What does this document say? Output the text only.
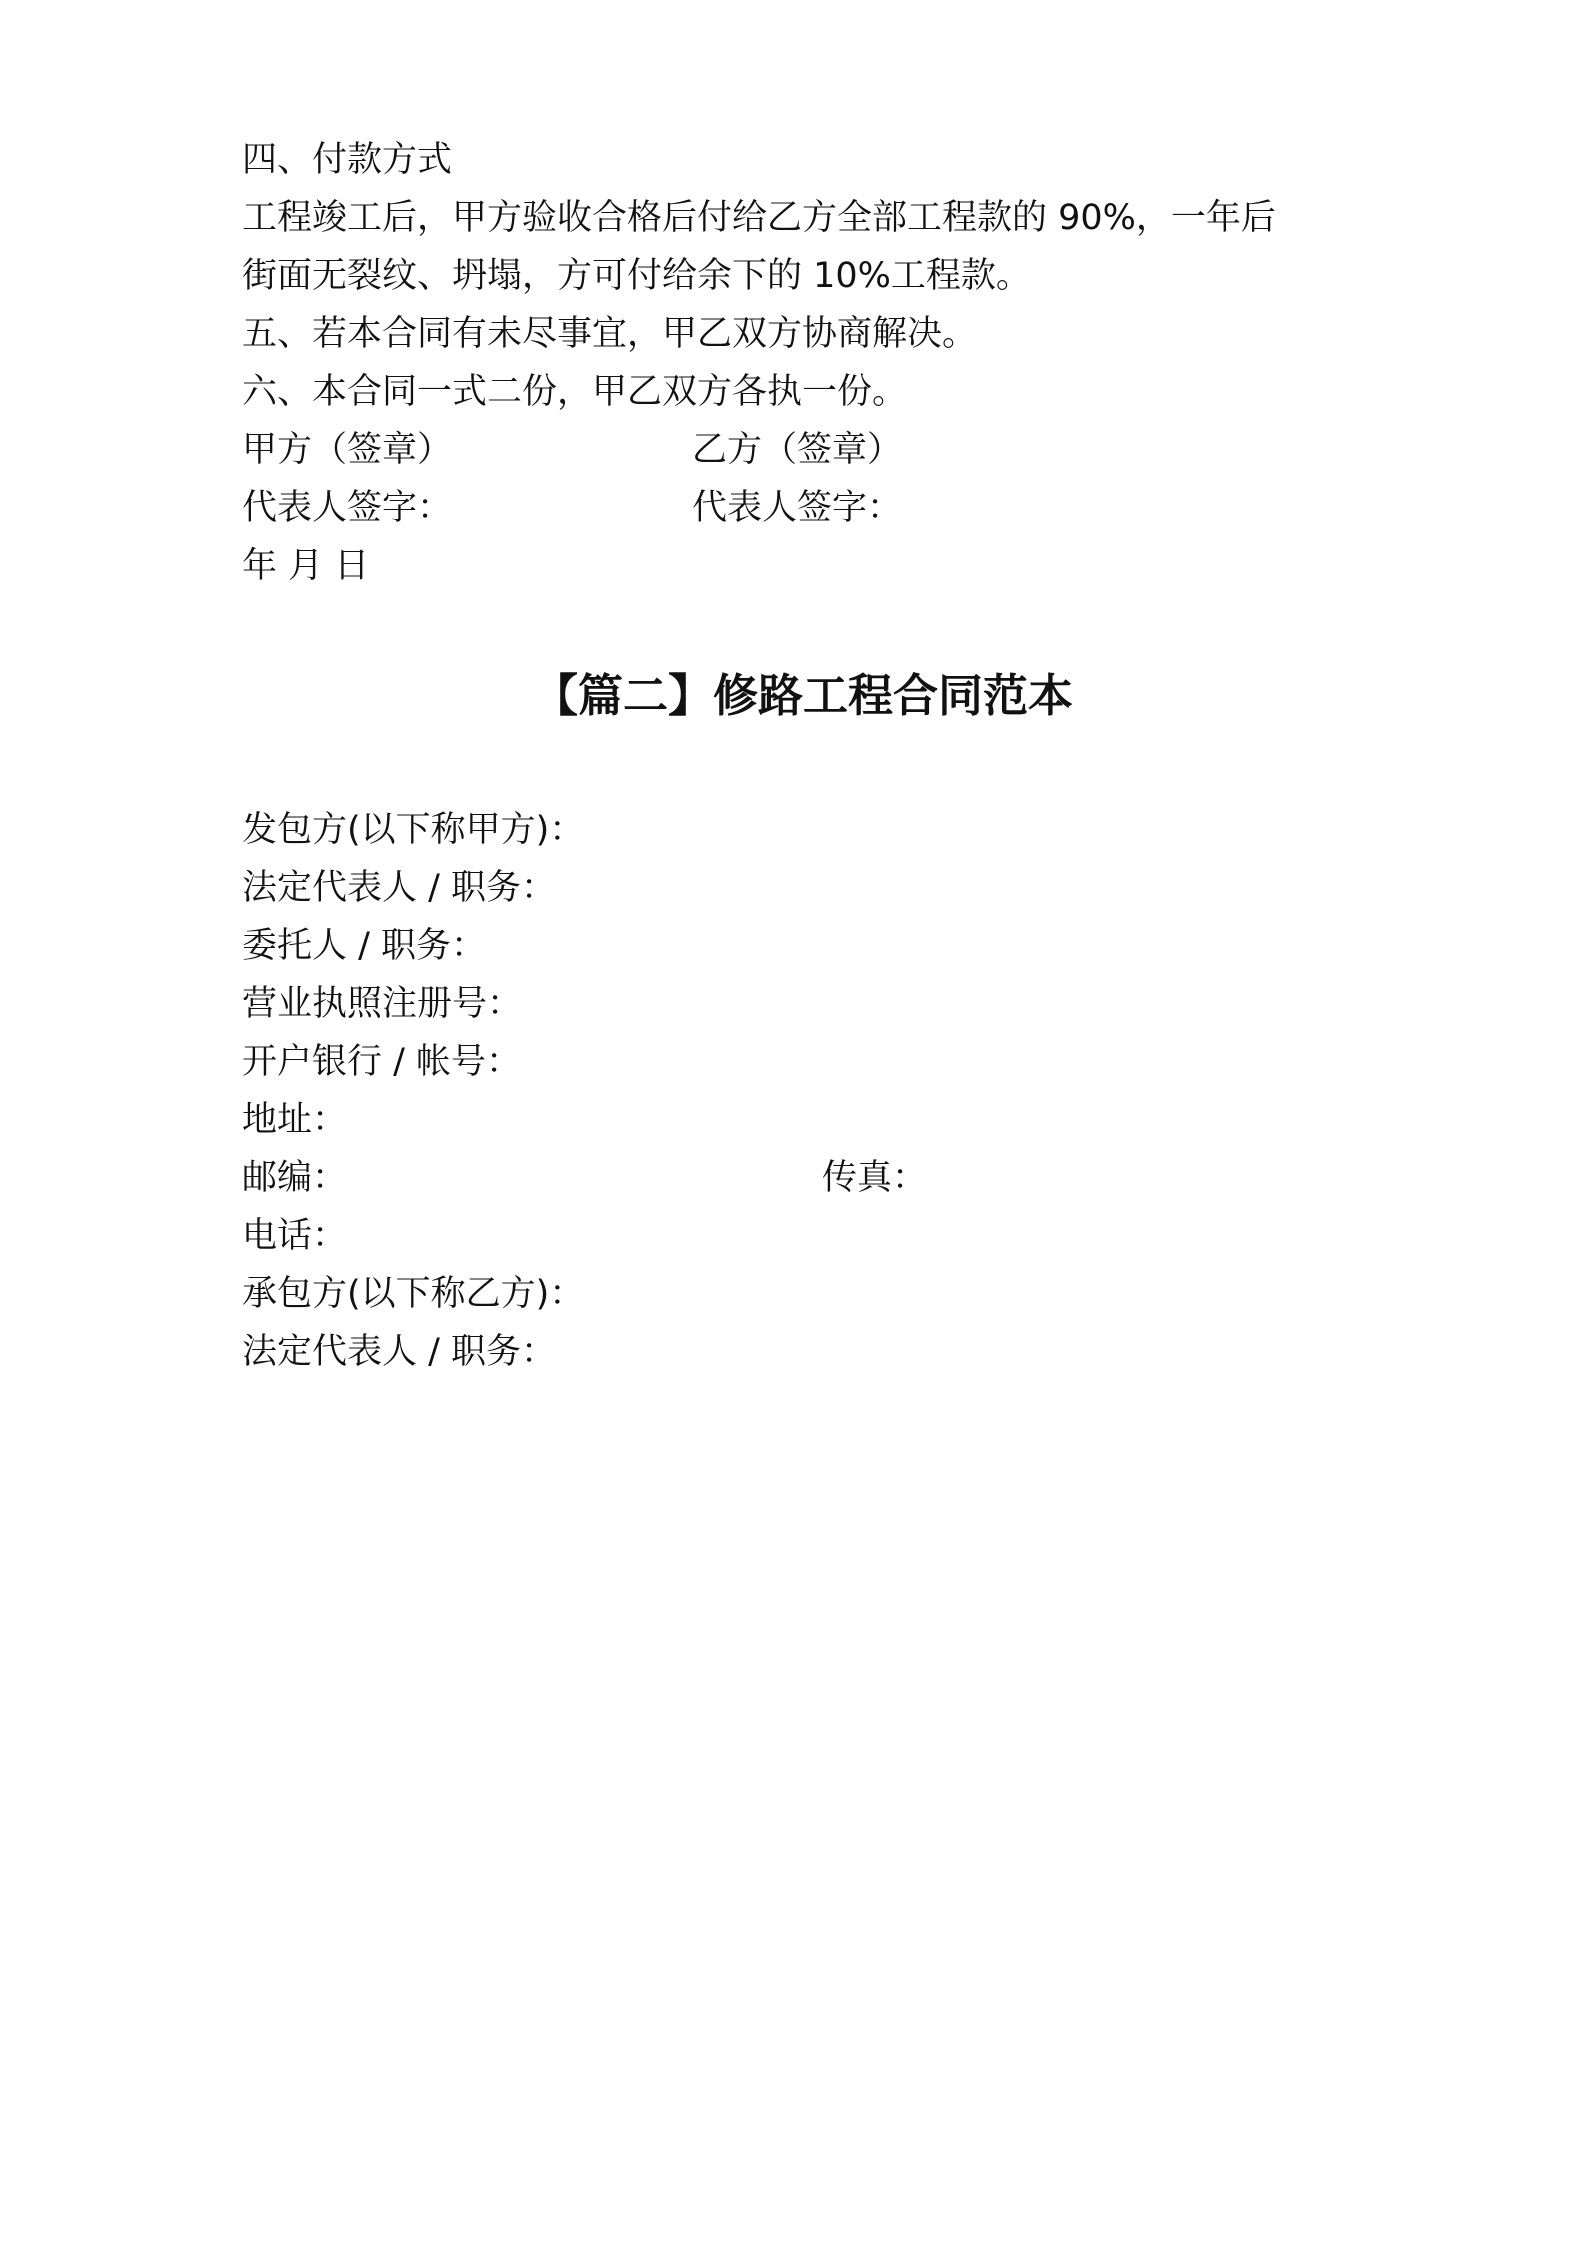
四、付款方式
工程竣工后，甲方验收合格后付给乙方全部工程款的 90%，一年后
街面无裂纹、坍塌，方可付给余下的 10%工程款。
五、若本合同有未尽事宜，甲乙双方协商解决。
六、本合同一式二份，甲乙双方各执一份。
甲方（签章）	乙方（签章）
代表人签字：	代表人签字：
年 月 日
【篇二】修路工程合同范本
发包方(以下称甲方)：
法定代表人 / 职务：
委托人 / 职务：
营业执照注册号：
开户银行 / 帐号：
地址：
邮编：	传真：
电话：
承包方(以下称乙方)：
法定代表人 / 职务：
